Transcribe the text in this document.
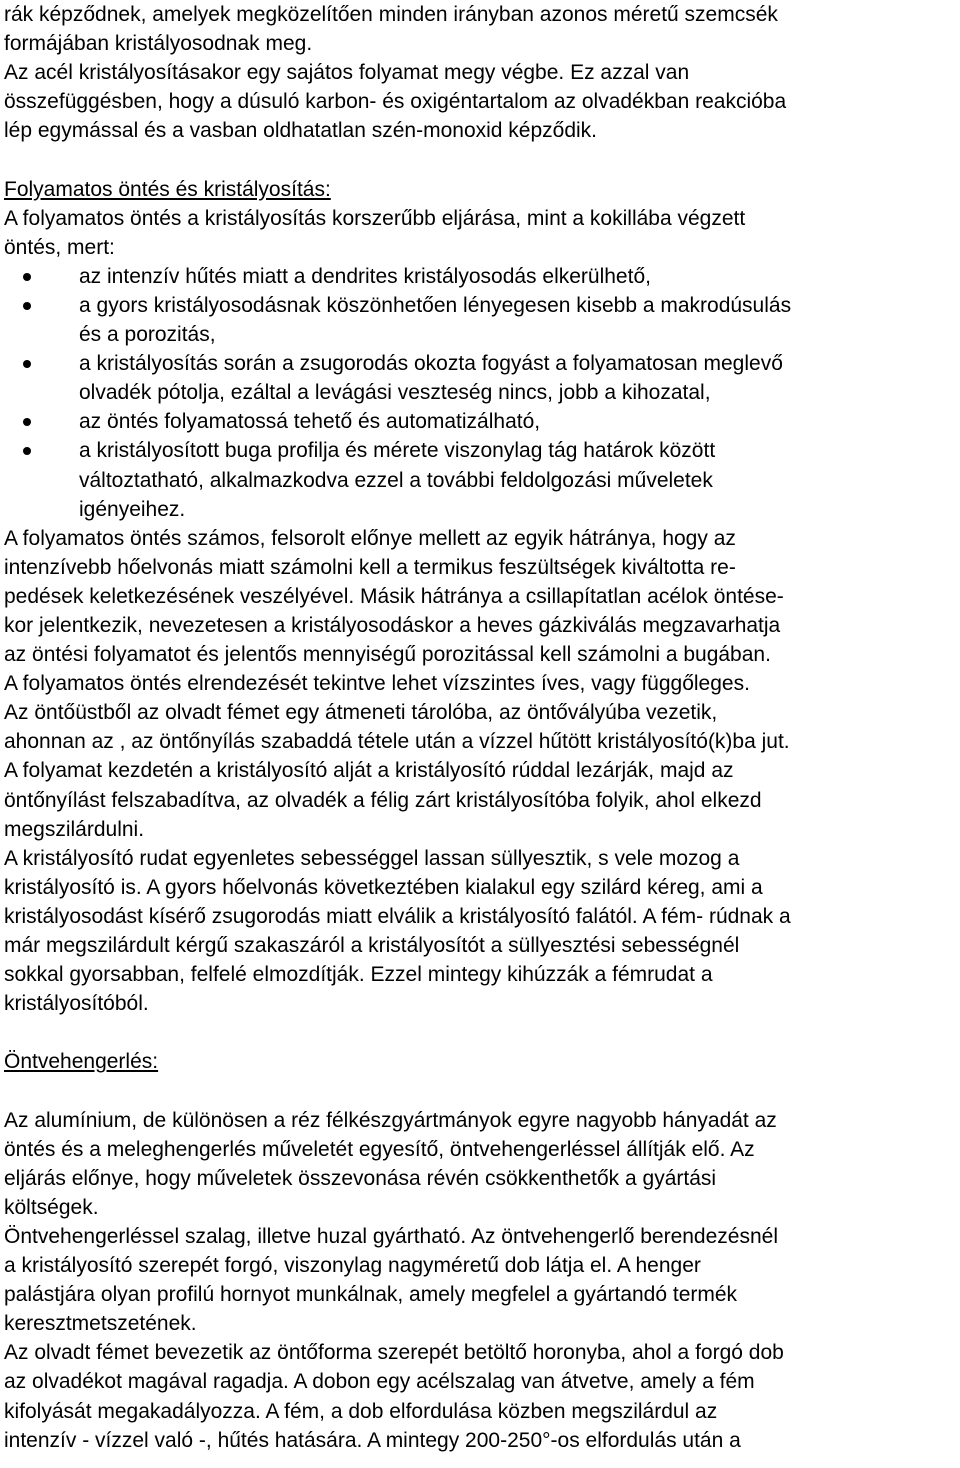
rák képződnek, amelyek megközelítően minden irányban azonos méretű szemcsék
formájában kristályosodnak meg.
Az acél kristályosításakor egy sajátos folyamat megy végbe. Ez azzal van
összefüggésben, hogy a dúsuló karbon- és oxigéntartalom az olvadékban reakcióba
lép egymással és a vasban oldhatatlan szén-monoxid képződik.
Folyamatos öntés és kristályosítás:
A folyamatos öntés a kristályosítás korszerűbb eljárása, mint a kokillába végzett
öntés, mert:
az intenzív hűtés miatt a dendrites kristályosodás elkerülhető,
a gyors kristályosodásnak köszönhetően lényegesen kisebb a makrodúsulás
és a porozitás,
a kristályosítás során a zsugorodás okozta fogyást a folyamatosan meglevő
olvadék pótolja, ezáltal a levágási veszteség nincs, jobb a kihozatal,
az öntés folyamatossá tehető és automatizálható,
a kristályosított buga profilja és mérete viszonylag tág határok között
változtatható, alkalmazkodva ezzel a további feldolgozási műveletek
igényeihez.
A folyamatos öntés számos, felsorolt előnye mellett az egyik hátránya, hogy az
intenzívebb hőelvonás miatt számolni kell a termikus feszültségek kiváltotta re-
pedések keletkezésének veszélyével. Másik hátránya a csillapítatlan acélok öntése-
kor jelentkezik, nevezetesen a kristályosodáskor a heves gázkiválás megzavarhatja
az öntési folyamatot és jelentős mennyiségű porozitással kell számolni a bugában.
A folyamatos öntés elrendezését tekintve lehet vízszintes íves, vagy függőleges.
Az öntőüstből az olvadt fémet egy átmeneti tárolóba, az öntővályúba vezetik,
ahonnan az , az öntőnyílás szabaddá tétele után a vízzel hűtött kristályosító(k)ba jut.
A folyamat kezdetén a kristályosító alját a kristályosító rúddal lezárják, majd az
öntőnyílást felszabadítva, az olvadék a félig zárt kristályosítóba folyik, ahol elkezd
megszilárdulni.
A kristályosító rudat egyenletes sebességgel lassan süllyesztik, s vele mozog a
kristályosító is. A gyors hőelvonás következtében kialakul egy szilárd kéreg, ami a
kristályosodást kísérő zsugorodás miatt elválik a kristályosító falától. A fém- rúdnak a
már megszilárdult kérgű szakaszáról a kristályosítót a süllyesztési sebességnél
sokkal gyorsabban, felfelé elmozdítják. Ezzel mintegy kihúzzák a fémrudat a
kristályosítóból.
Öntvehengerlés:
Az alumínium, de különösen a réz félkészgyártmányok egyre nagyobb hányadát az
öntés és a meleghengerlés műveletét egyesítő, öntvehengerléssel állítják elő. Az
eljárás előnye, hogy műveletek összevonása révén csökkenthetők a gyártási
költségek.
Öntvehengerléssel szalag, illetve huzal gyártható. Az öntvehengerlő berendezésnél
a kristályosító szerepét forgó, viszonylag nagyméretű dob látja el. A henger
palástjára olyan profilú hornyot munkálnak, amely megfelel a gyártandó termék
keresztmetszetének.
Az olvadt fémet bevezetik az öntőforma szerepét betöltő horonyba, ahol a forgó dob
az olvadékot magával ragadja. A dobon egy acélszalag van átvetve, amely a fém
kifolyását megakadályozza. A fém, a dob elfordulása közben megszilárdul az
intenzív - vízzel való -, hűtés hatására. A mintegy 200-250°-os elfordulás után a
